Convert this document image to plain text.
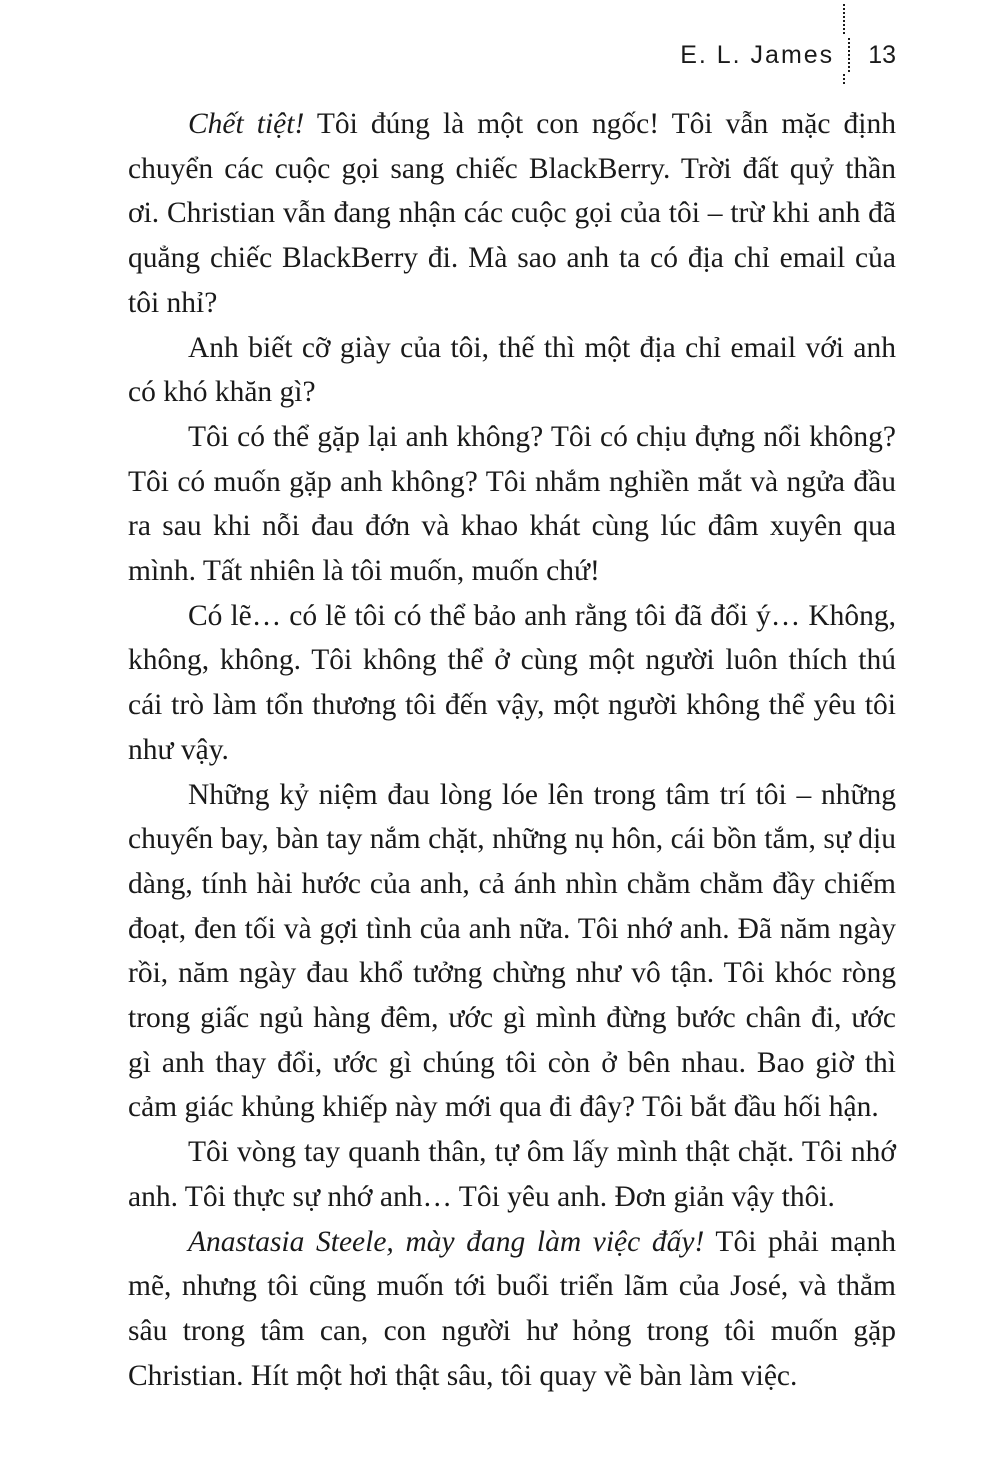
E. L. James 13

Chết tiệt! Tôi đúng là một con ngốc! Tôi vẫn mặc định chuyển các cuộc gọi sang chiếc BlackBerry. Trời đất quỷ thần ơi. Christian vẫn đang nhận các cuộc gọi của tôi – trừ khi anh đã quẳng chiếc BlackBerry đi. Mà sao anh ta có địa chỉ email của tôi nhỉ?

Anh biết cỡ giày của tôi, thế thì một địa chỉ email với anh có khó khăn gì?

Tôi có thể gặp lại anh không? Tôi có chịu đựng nổi không? Tôi có muốn gặp anh không? Tôi nhắm nghiền mắt và ngửa đầu ra sau khi nỗi đau đớn và khao khát cùng lúc đâm xuyên qua mình. Tất nhiên là tôi muốn, muốn chứ!

Có lẽ… có lẽ tôi có thể bảo anh rằng tôi đã đổi ý… Không, không, không. Tôi không thể ở cùng một người luôn thích thú cái trò làm tổn thương tôi đến vậy, một người không thể yêu tôi như vậy.

Những kỷ niệm đau lòng lóe lên trong tâm trí tôi – những chuyến bay, bàn tay nắm chặt, những nụ hôn, cái bồn tắm, sự dịu dàng, tính hài hước của anh, cả ánh nhìn chằm chằm đầy chiếm đoạt, đen tối và gợi tình của anh nữa. Tôi nhớ anh. Đã năm ngày rồi, năm ngày đau khổ tưởng chừng như vô tận. Tôi khóc ròng trong giấc ngủ hàng đêm, ước gì mình đừng bước chân đi, ước gì anh thay đổi, ước gì chúng tôi còn ở bên nhau. Bao giờ thì cảm giác khủng khiếp này mới qua đi đây? Tôi bắt đầu hối hận.

Tôi vòng tay quanh thân, tự ôm lấy mình thật chặt. Tôi nhớ anh. Tôi thực sự nhớ anh… Tôi yêu anh. Đơn giản vậy thôi.

Anastasia Steele, mày đang làm việc đấy! Tôi phải mạnh mẽ, nhưng tôi cũng muốn tới buổi triển lãm của José, và thẳm sâu trong tâm can, con người hư hỏng trong tôi muốn gặp Christian. Hít một hơi thật sâu, tôi quay về bàn làm việc.
